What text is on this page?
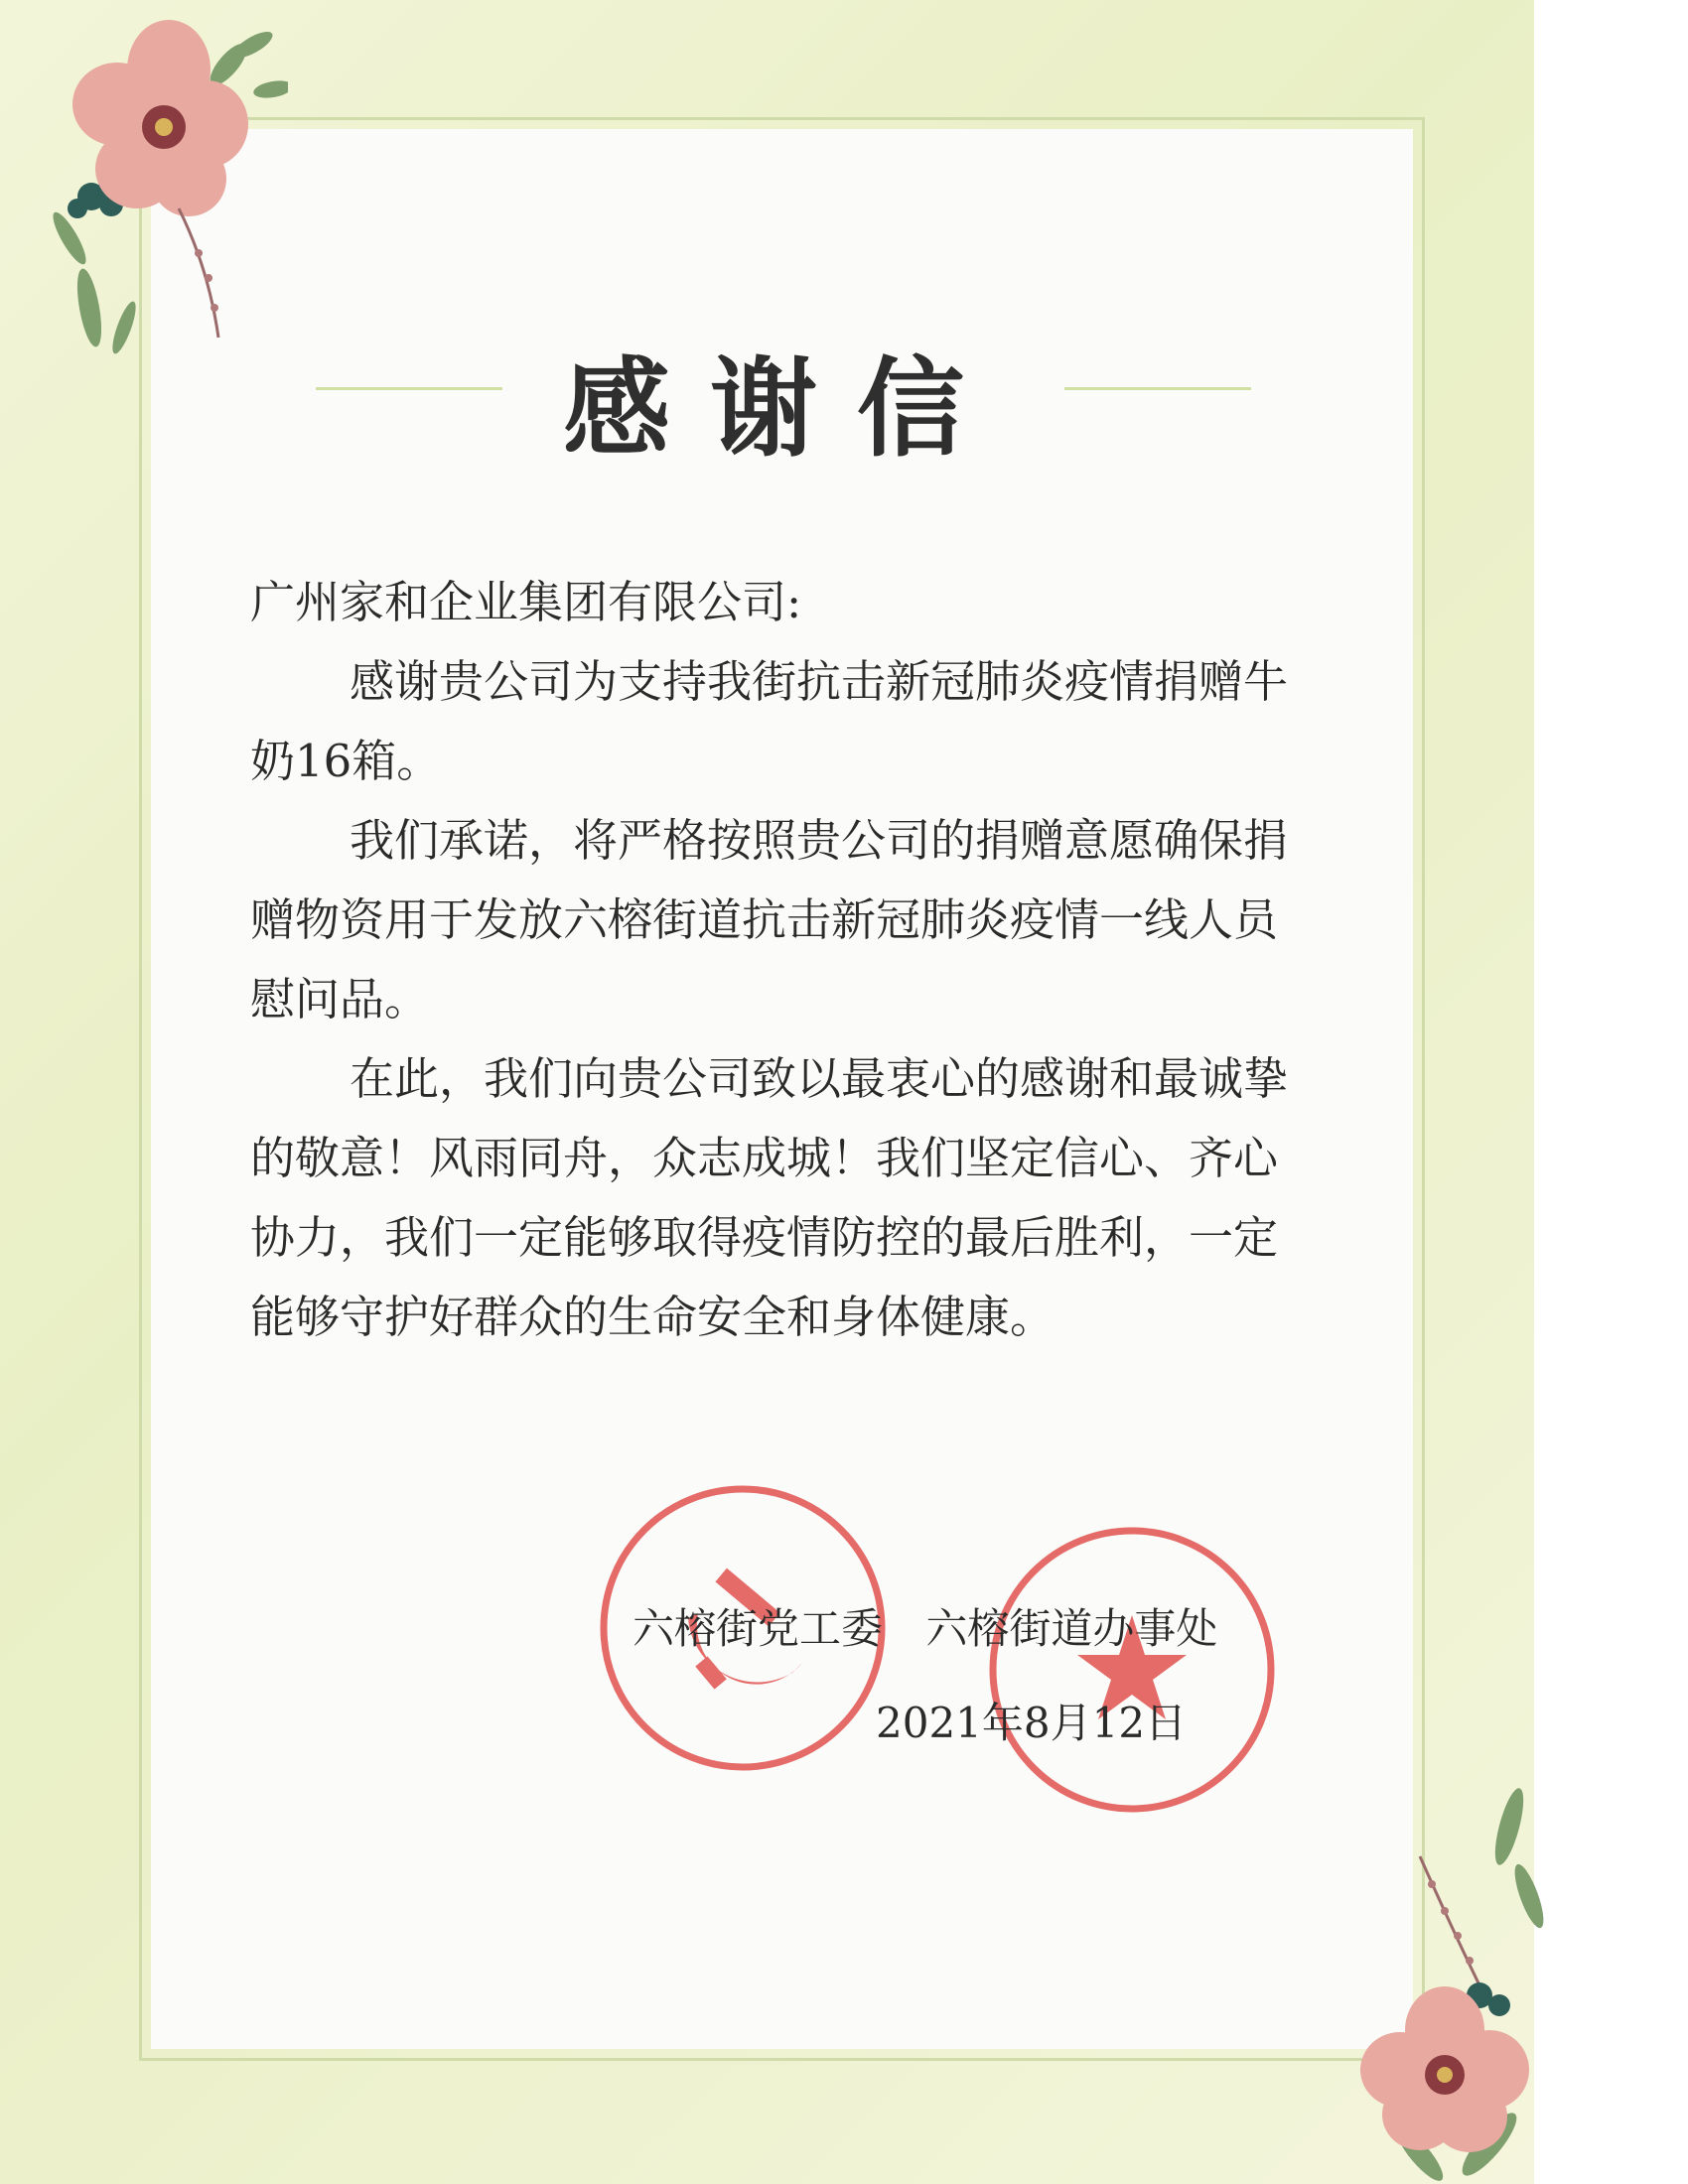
感谢信

广州家和企业集团有限公司:

感谢贵公司为支持我街抗击新冠肺炎疫情捐赠牛奶16箱。

我们承诺，将严格按照贵公司的捐赠意愿确保捐赠物资用于发放六榕街道抗击新冠肺炎疫情一线人员慰问品。

在此，我们向贵公司致以最衷心的感谢和最诚挚的敬意！风雨同舟，众志成城！我们坚定信心、齐心协力，我们一定能够取得疫情防控的最后胜利，一定能够守护好群众的生命安全和身体健康。

六榕街党工委 六榕街道办事处
2021年8月12日
